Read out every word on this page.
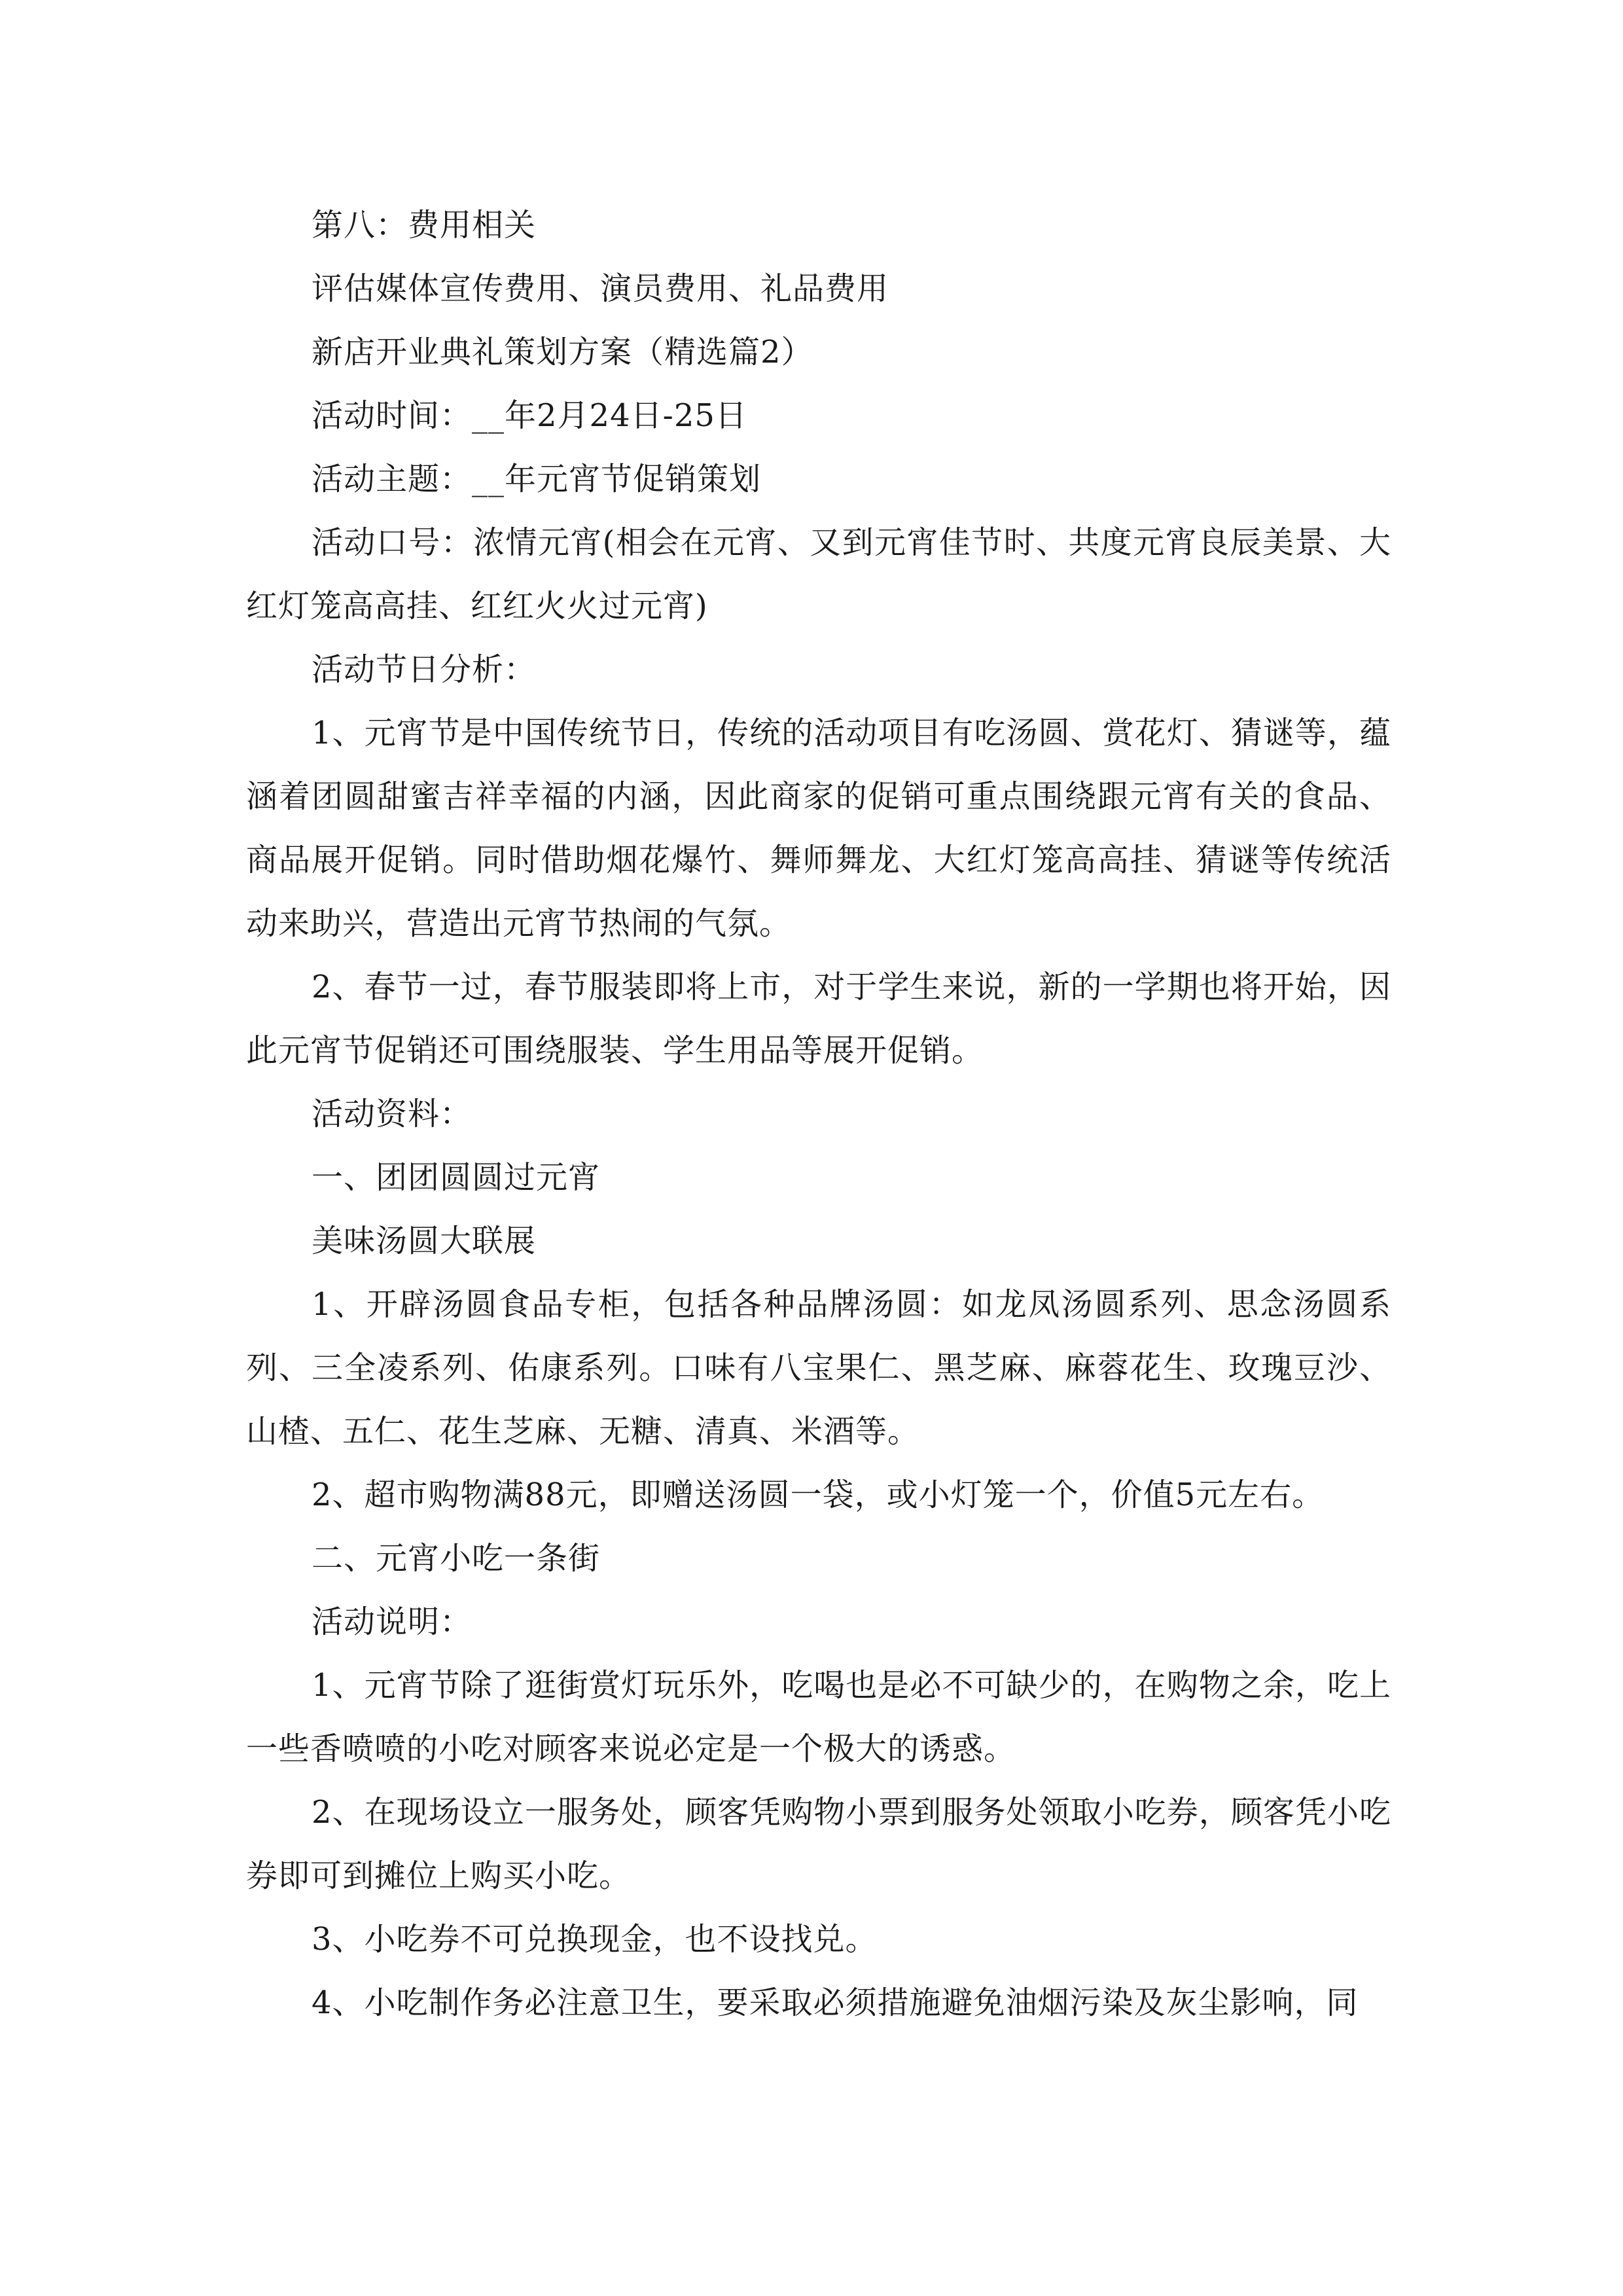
第八：费用相关

评估媒体宣传费用、演员费用、礼品费用

新店开业典礼策划方案（精选篇2）

活动时间：__年2月24日-25日

活动主题：__年元宵节促销策划

活动口号：浓情元宵(相会在元宵、又到元宵佳节时、共度元宵良辰美景、大红灯笼高高挂、红红火火过元宵)

活动节日分析：

1、元宵节是中国传统节日，传统的活动项目有吃汤圆、赏花灯、猜谜等，蕴涵着团圆甜蜜吉祥幸福的内涵，因此商家的促销可重点围绕跟元宵有关的食品、商品展开促销。同时借助烟花爆竹、舞师舞龙、大红灯笼高高挂、猜谜等传统活动来助兴，营造出元宵节热闹的气氛。

2、春节一过，春节服装即将上市，对于学生来说，新的一学期也将开始，因此元宵节促销还可围绕服装、学生用品等展开促销。

活动资料：

一、团团圆圆过元宵

美味汤圆大联展

1、开辟汤圆食品专柜，包括各种品牌汤圆：如龙凤汤圆系列、思念汤圆系列、三全凌系列、佑康系列。口味有八宝果仁、黑芝麻、麻蓉花生、玫瑰豆沙、山楂、五仁、花生芝麻、无糖、清真、米酒等。

2、超市购物满88元，即赠送汤圆一袋，或小灯笼一个，价值5元左右。

二、元宵小吃一条街

活动说明：

1、元宵节除了逛街赏灯玩乐外，吃喝也是必不可缺少的，在购物之余，吃上一些香喷喷的小吃对顾客来说必定是一个极大的诱惑。

2、在现场设立一服务处，顾客凭购物小票到服务处领取小吃券，顾客凭小吃券即可到摊位上购买小吃。

3、小吃券不可兑换现金，也不设找兑。

4、小吃制作务必注意卫生，要采取必须措施避免油烟污染及灰尘影响，同
